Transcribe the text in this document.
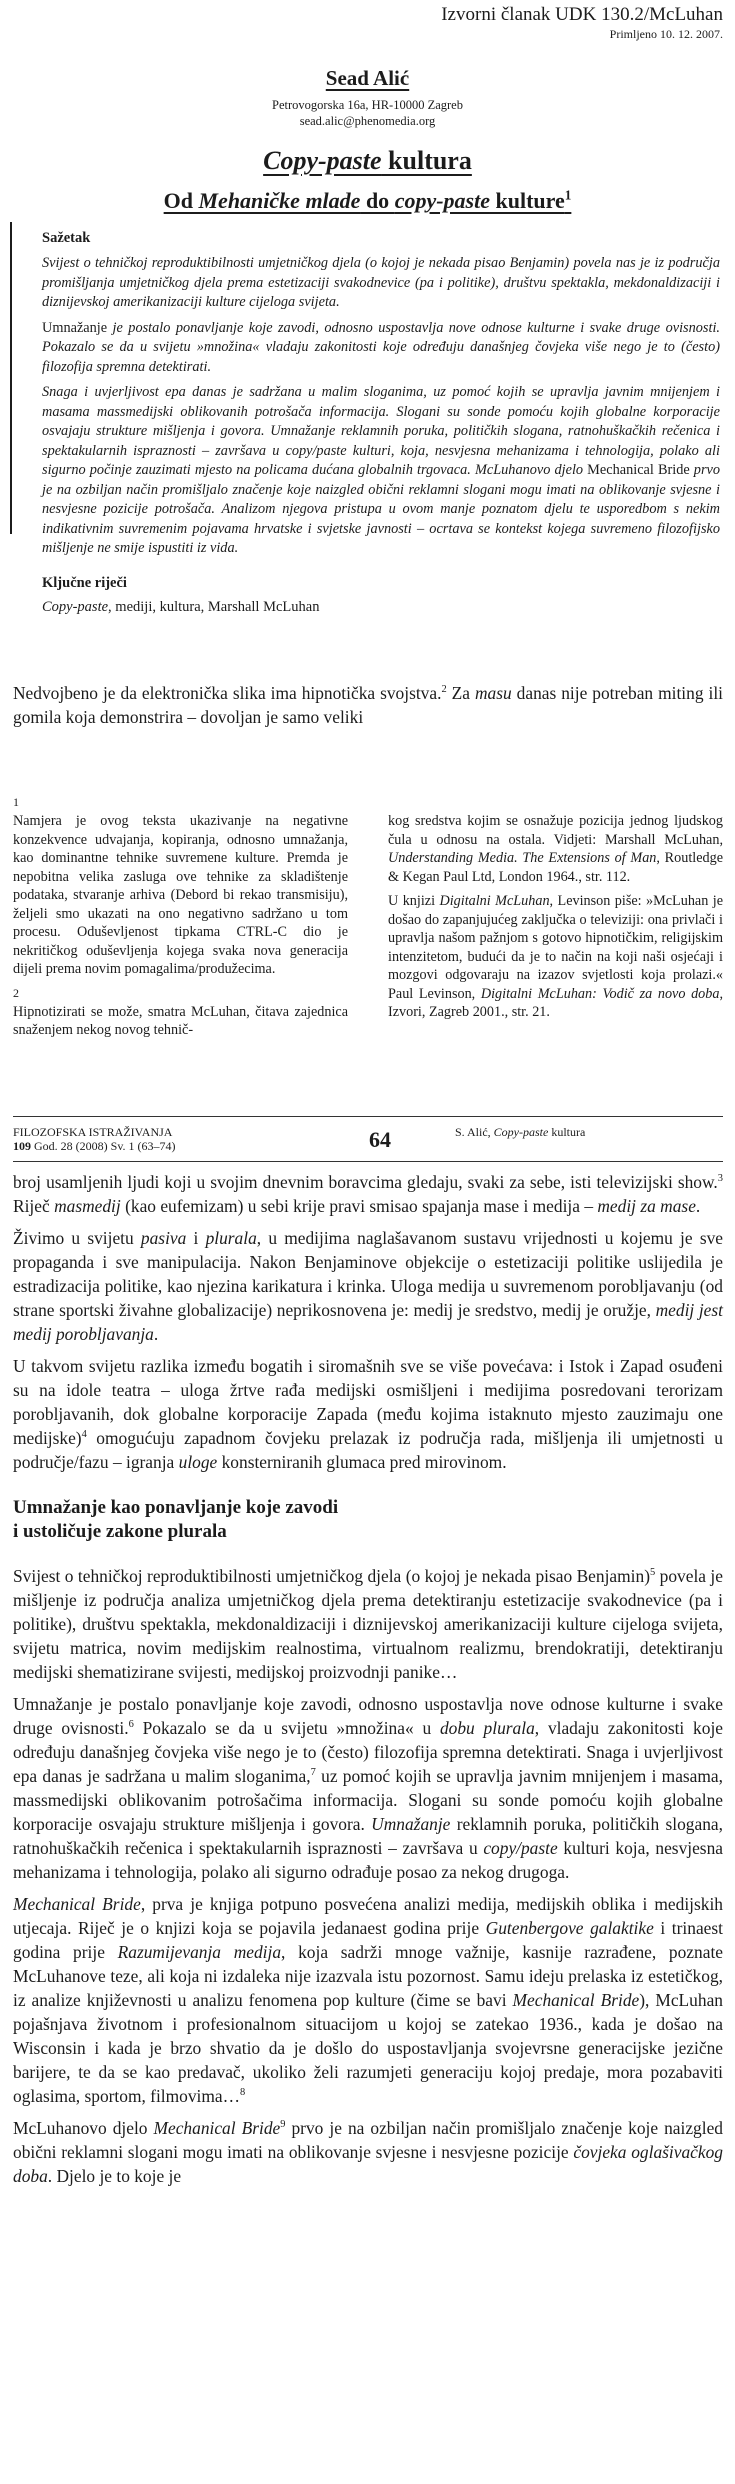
Izvorni članak UDK 130.2/McLuhan
Primljeno 10. 12. 2007.
Sead Alić
Petrovogorska 16a, HR-10000 Zagreb
sead.alic@phenomedia.org
Copy-paste kultura
Od Mehaničke mlade do copy-paste kulture$^1$
Sažetak

Svijest o tehničkoj reproduktibilnosti umjetničkog djela (o kojoj je nekada pisao Benjamin) povela nas je iz područja promišljanja umjetničkog djela prema estetizaciji svakodnevice (pa i politike), društvu spektakla, mekdonaldizaciji i diznijevskoj amerikanizaciji kulture cijeloga svijeta.

Umnažanje je postalo ponavljanje koje zavodi, odnosno uspostavlja nove odnose kulturne i svake druge ovisnosti. Pokazalo se da u svijetu »množina« vladaju zakonitosti koje određuju današnjeg čovjeka više nego je to (često) filozofija spremna detektirati.

Snaga i uvjerljivost epa danas je sadržana u malim sloganima, uz pomoć kojih se upravlja javnim mnijenjem i masama massmedijski oblikovanih potrošača informacija. Slogani su sonde pomoću kojih globalne korporacije osvajaju strukture mišljenja i govora. Umnažanje reklamnih poruka, političkih slogana, ratnohuškačkih rečenica i spektakularnih ispraznosti – završava u copy/paste kulturi, koja, nesvjesna mehanizama i tehnologija, polako ali sigurno počinje zauzimati mjesto na policama dućana globalnih trgovaca. McLuhanovo djelo Mechanical Bride prvo je na ozbiljan način promišljalo značenje koje naizgled obični reklamni slogani mogu imati na oblikovanje svjesne i nesvjesne pozicije potrošača. Analizom njegova pristupa u ovom manje poznatom djelu te usporedbom s nekim indikativnim suvremenim pojavama hrvatske i svjetske javnosti – ocrtava se kontekst kojega suvremeno filozofijsko mišljenje ne smije ispustiti iz vida.

Ključne riječi
Copy-paste, mediji, kultura, Marshall McLuhan
Nedvojbeno je da elektronička slika ima hipnotička svojstva.$^2$ Za masu danas nije potreban miting ili gomila koja demonstrira – dovoljan je samo veliki
1

Namjera je ovog teksta ukazivanje na negativne konzekvence udvajanja, kopiranja, odnosno umnažanja, kao dominantne tehnike suvremene kulture. Premda je nepobitna velika zasluga ove tehnike za skladištenje podataka, stvaranje arhiva (Debord bi rekao transmisiju), željeli smo ukazati na ono negativno sadržano u tom procesu. Oduševljenost tipkama CTRL-C dio je nekritičkog oduševljenja kojega svaka nova generacija dijeli prema novim pomagalima/produžecima.

2

Hipnotizirati se može, smatra McLuhan, čitava zajednica snaženjem nekog novog tehnič-

kog sredstva kojim se osnažuje pozicija jednog ljudskog čula u odnosu na ostala. Vidjeti: Marshall McLuhan, Understanding Media. The Extensions of Man, Routledge & Kegan Paul Ltd, London 1964., str. 112.

U knjizi Digitalni McLuhan, Levinson piše: »McLuhan je došao do zapanjujućeg zaključka o televiziji: ona privlači i upravlja našom pažnjom s gotovo hipnotičkim, religijskim intenzitetom, budući da je to način na koji naši osjećaji i mozgovi odgovaraju na izazov svjetlosti koja prolazi.« Paul Levinson, Digitalni McLuhan: Vodič za novo doba, Izvori, Zagreb 2001., str. 21.

FILOZOFSKA ISTRAŽIVANJA
109 God. 28 (2008) Sv. 1 (63–74)	64	S. Alić, Copy-paste kultura

broj usamljenih ljudi koji u svojim dnevnim boravcima gledaju, svaki za sebe, isti televizijski show.$^3$ Riječ masmedij (kao eufemizam) u sebi krije pravi smisao spajanja mase i medija – medij za mase.

Živimo u svijetu pasiva i plurala, u medijima naglašavanom sustavu vrijednosti u kojemu je sve propaganda i sve manipulacija. Nakon Benjaminove objekcije o estetizaciji politike uslijedila je estradizacija politike, kao njezina karikatura i krinka. Uloga medija u suvremenom porobljavanju (od strane sportski živahne globalizacije) neprikosnovena je: medij je sredstvo, medij je oružje, medij jest medij porobljavanja.

U takvom svijetu razlika između bogatih i siromašnih sve se više povećava: i Istok i Zapad osuđeni su na idole teatra – uloga žrtve rađa medijski osmišljeni i medijima posredovani terorizam porobljavanih, dok globalne korporacije Zapada (među kojima istaknuto mjesto zauzimaju one medijske)$^4$ omogućuju zapadnom čovjeku prelazak iz područja rada, mišljenja ili umjetnosti u područje/fazu – igranja uloge konsterniranih glumaca pred mirovinom.

Umnažanje kao ponavljanje koje zavodi
i ustoličuje zakone plurala

Svijest o tehničkoj reproduktibilnosti umjetničkog djela (o kojoj je nekada pisao Benjamin)$^5$ povela je mišljenje iz područja analiza umjetničkog djela prema detektiranju estetizacije svakodnevice (pa i politike), društvu spektakla, mekdonaldizaciji i diznijevskoj amerikanizaciji kulture cijeloga svijeta, svijetu matrica, novim medijskim realnostima, virtualnom realizmu, brendokratiji, detektiranju medijski shematizirane svijesti, medijskoj proizvodnji panike…

Umnažanje je postalo ponavljanje koje zavodi, odnosno uspostavlja nove odnose kulturne i svake druge ovisnosti.$^6$ Pokazalo se da u svijetu »množina« u dobu plurala, vladaju zakonitosti koje određuju današnjeg čovjeka više nego je to (često) filozofija spremna detektirati. Snaga i uvjerljivost epa danas je sadržana u malim sloganima,$^7$ uz pomoć kojih se upravlja javnim mnijenjem i masama, massmedijski oblikovanim potrošačima informacija. Slogani su sonde pomoću kojih globalne korporacije osvajaju strukture mišljenja i govora. Umnažanje reklamnih poruka, političkih slogana, ratnohuškačkih rečenica i spektakularnih ispraznosti – završava u copy/paste kulturi koja, nesvjesna mehanizama i tehnologija, polako ali sigurno odrađuje posao za nekog drugoga.

Mechanical Bride, prva je knjiga potpuno posvećena analizi medija, medijskih oblika i medijskih utjecaja. Riječ je o knjizi koja se pojavila jedanaest godina prije Gutenbergove galaktike i trinaest godina prije Razumijevanja medija, koja sadrži mnoge važnije, kasnije razrađene, poznate McLuhanove teze, ali koja ni izdaleka nije izazvala istu pozornost. Samu ideju prelaska iz estetičkog, iz analize književnosti u analizu fenomena pop kulture (čime se bavi Mechanical Bride), McLuhan pojašnjava životnom i profesionalnom situacijom u kojoj se zatekao 1936., kada je došao na Wisconsin i kada je brzo shvatio da je došlo do uspostavljanja svojevrsne generacijske jezične barijere, te da se kao predavač, ukoliko želi razumjeti generaciju kojoj predaje, mora pozabaviti oglasima, sportom, filmovima…$^8$

McLuhanovo djelo Mechanical Bride$^9$ prvo je na ozbiljan način promišljalo značenje koje naizgled obični reklamni slogani mogu imati na oblikovanje svjesne i nesvjesne pozicije čovjeka oglašivačkog doba. Djelo je to koje je
